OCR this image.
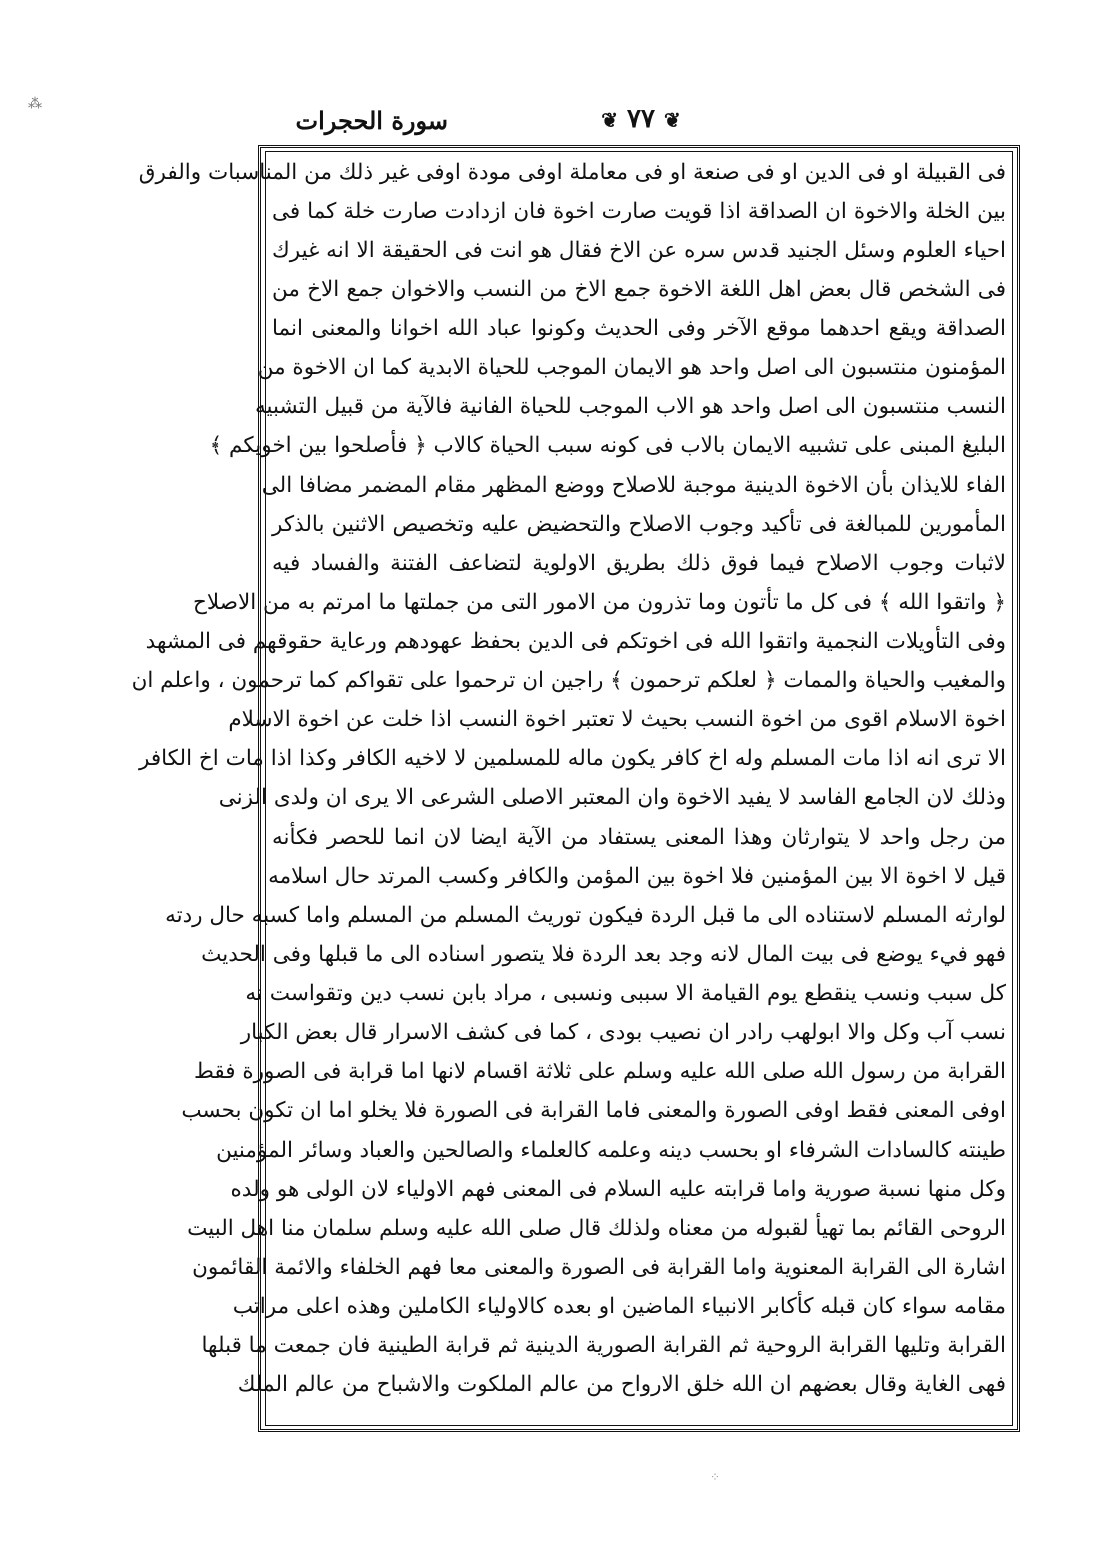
⁂
سورة الحجرات	❦ ٧٧ ❦
فى القبيلة او فى الدين او فى صنعة او فى معاملة اوفى مودة اوفى غير ذلك من المناسبات والفرق
بين الخلة والاخوة ان الصداقة اذا قويت صارت اخوة فان ازدادت صارت خلة كما فى
احياء العلوم وسئل الجنيد قدس سره عن الاخ فقال هو انت فى الحقيقة الا انه غيرك
فى الشخص قال بعض اهل اللغة الاخوة جمع الاخ من النسب والاخوان جمع الاخ من
الصداقة ويقع احدهما موقع الآخر وفى الحديث وكونوا عباد الله اخوانا والمعنى انما
المؤمنون منتسبون الى اصل واحد هو الايمان الموجب للحياة الابدية كما ان الاخوة من
النسب منتسبون الى اصل واحد هو الاب الموجب للحياة الفانية فالآية من قبيل التشبيه
البليغ المبنى على تشبيه الايمان بالاب فى كونه سبب الحياة كالاب ﴿ فأصلحوا بين اخويكم ﴾
الفاء للايذان بأن الاخوة الدينية موجبة للاصلاح ووضع المظهر مقام المضمر مضافا الى
المأمورين للمبالغة فى تأكيد وجوب الاصلاح والتحضيض عليه وتخصيص الاثنين بالذكر
لاثبات وجوب الاصلاح فيما فوق ذلك بطريق الاولوية لتضاعف الفتنة والفساد فيه
﴿ واتقوا الله ﴾ فى كل ما تأتون وما تذرون من الامور التى من جملتها ما امرتم به من الاصلاح
وفى التأويلات النجمية واتقوا الله فى اخوتكم فى الدين بحفظ عهودهم ورعاية حقوقهم فى المشهد
والمغيب والحياة والممات ﴿ لعلكم ترحمون ﴾ راجين ان ترحموا على تقواكم كما ترحمون ، واعلم ان
اخوة الاسلام اقوى من اخوة النسب بحيث لا تعتبر اخوة النسب اذا خلت عن اخوة الاسلام
الا ترى انه اذا مات المسلم وله اخ كافر يكون ماله للمسلمين لا لاخيه الكافر وكذا اذا مات اخ الكافر
وذلك لان الجامع الفاسد لا يفيد الاخوة وان المعتبر الاصلى الشرعى الا يرى ان ولدى الزنى
من رجل واحد لا يتوارثان وهذا المعنى يستفاد من الآية ايضا لان انما للحصر فكأنه
قيل لا اخوة الا بين المؤمنين فلا اخوة بين المؤمن والكافر وكسب المرتد حال اسلامه
لوارثه المسلم لاستناده الى ما قبل الردة فيكون توريث المسلم من المسلم واما كسبه حال ردته
فهو فيء يوضع فى بيت المال لانه وجد بعد الردة فلا يتصور اسناده الى ما قبلها وفى الحديث
كل سبب ونسب ينقطع يوم القيامة الا سببى ونسبى ، مراد بابن نسب دين وتقواست نه
نسب آب وكل والا ابولهب رادر ان نصيب بودى ، كما فى كشف الاسرار قال بعض الكبار
القرابة من رسول الله صلى الله عليه وسلم على ثلاثة اقسام لانها اما قرابة فى الصورة فقط
اوفى المعنى فقط اوفى الصورة والمعنى فاما القرابة فى الصورة فلا يخلو اما ان تكون بحسب
طينته كالسادات الشرفاء او بحسب دينه وعلمه كالعلماء والصالحين والعباد وسائر المؤمنين
وكل منها نسبة صورية واما قرابته عليه السلام فى المعنى فهم الاولياء لان الولى هو ولده
الروحى القائم بما تهيأ لقبوله من معناه ولذلك قال صلى الله عليه وسلم سلمان منا اهل البيت
اشارة الى القرابة المعنوية واما القرابة فى الصورة والمعنى معا فهم الخلفاء والائمة القائمون
مقامه سواء كان قبله كأكابر الانبياء الماضين او بعده كالاولياء الكاملين وهذه اعلى مراتب
القرابة وتليها القرابة الروحية ثم القرابة الصورية الدينية ثم قرابة الطينية فان جمعت ما قبلها
فهى الغاية وقال بعضهم ان الله خلق الارواح من عالم الملكوت والاشباح من عالم الملك
⁘
